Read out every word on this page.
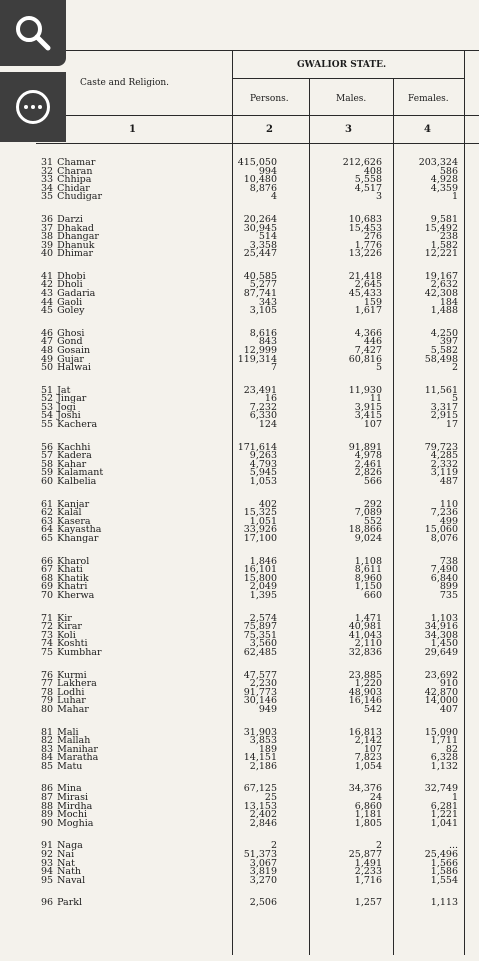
Caste and Religion.
GWALIOR STATE.
Persons.	Males.	Females.
1	2	3	4
31 Chamar	415,050	212,626	203,324
32 Charan	994	408	586
33 Chhipa	10,480	5,558	4,928
34 Chidar	8,876	4,517	4,359
35 Chudigar	4	3	1
36 Darzi	20,264	10,683	9,581
37 Dhakad	30,945	15,453	15,492
38 Dhangar	514	276	238
39 Dhanuk	3,358	1,776	1,582
40 Dhimar	25,447	13,226	12,221
41 Dhobi	40,585	21,418	19,167
42 Dholi	5,277	2,645	2,632
43 Gadaria	87,741	45,433	42,308
44 Gaoli	343	159	184
45 Goley	3,105	1,617	1,488
46 Ghosi	8,616	4,366	4,250
47 Gond	843	446	397
48 Gosain	12,999	7,427	5,582
49 Gujar	119,314	60,816	58,498
50 Halwai	7	5	2
51 Jat	23,491	11,930	11,561
52 Jingar	16	11	5
53 Jogi	7,232	3,915	3,317
54 Joshi	6,330	3,415	2,915
55 Kachera	124	107	17
56 Kachhi	171,614	91,891	79,723
57 Kadera	9,263	4,978	4,285
58 Kahar	4,793	2,461	2,332
59 Kalamant	5,945	2,826	3,119
60 Kalbelia	1,053	566	487
61 Kanjar	402	292	110
62 Kalal	15,325	7,089	7,236
63 Kasera	1,051	552	499
64 Kayastha	33,926	18,866	15,060
65 Khangar	17,100	9,024	8,076
66 Kharol	1,846	1,108	738
67 Khati	16,101	8,611	7,490
68 Khatik	15,800	8,960	6,840
69 Khatri	2,049	1,150	899
70 Kherwa	1,395	660	735
71 Kir	2,574	1,471	1,103
72 Kirar	75,897	40,981	34,916
73 Koli	75,351	41,043	34,308
74 Koshti	3,560	2,110	1,450
75 Kumbhar	62,485	32,836	29,649
76 Kurmi	47,577	23,885	23,692
77 Lakhera	2,230	1,220	910
78 Lodhi	91,773	48,903	42,870
79 Luhar	30,146	16,146	14,000
80 Mahar	949	542	407
81 Mali	31,903	16,813	15,090
82 Mallah	3,853	2,142	1,711
83 Manihar	189	107	82
84 Maratha	14,151	7,823	6,328
85 Matu	2,186	1,054	1,132
86 Mina	67,125	34,376	32,749
87 Mirasi	25	24	1
88 Mirdha	13,153	6,860	6,281
89 Mochi	2,402	1,181	1,221
90 Moghia	2,846	1,805	1,041
91 Naga	2	2	...
92 Nai	51,373	25,877	25,496
93 Nat	3,067	1,491	1,566
94 Nath	3,819	2,233	1,586
95 Naval	3,270	1,716	1,554
96 Parkl	2,506	1,257	1,113
